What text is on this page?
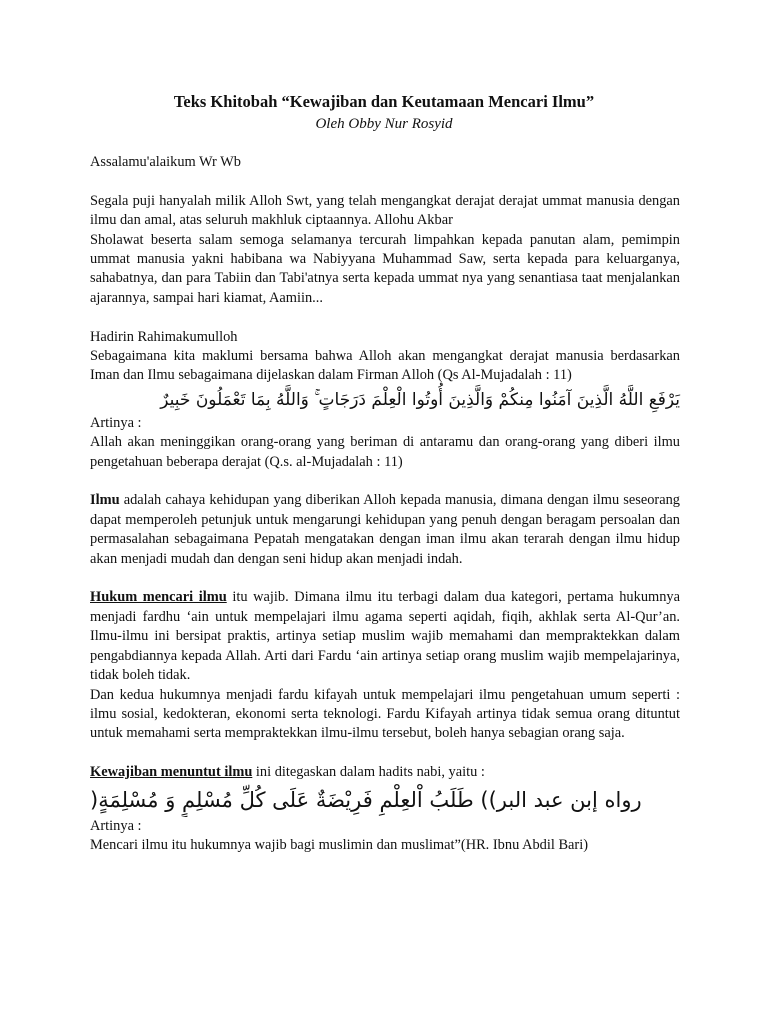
Teks Khitobah “Kewajiban dan Keutamaan Mencari Ilmu”
Oleh Obby Nur Rosyid

Assalamu'alaikum Wr Wb

Segala puji hanyalah milik Alloh Swt, yang telah mengangkat derajat derajat ummat manusia dengan ilmu dan amal, atas seluruh makhluk ciptaannya. Allohu Akbar

Sholawat beserta salam semoga selamanya tercurah limpahkan kepada panutan alam, pemimpin ummat manusia yakni habibana wa Nabiyyana Muhammad Saw, serta kepada para keluarganya, sahabatnya, dan para Tabiin dan Tabi'atnya serta kepada ummat nya yang senantiasa taat menjalankan ajarannya, sampai hari kiamat, Aamiin...

Hadirin Rahimakumulloh

Sebagaimana kita maklumi bersama bahwa Alloh akan mengangkat derajat manusia berdasarkan Iman dan Ilmu sebagaimana dijelaskan dalam Firman Alloh (Qs Al-Mujadalah : 11)

يَرْفَعِ اللَّهُ الَّذِينَ آمَنُوا مِنكُمْ وَالَّذِينَ أُوتُوا الْعِلْمَ دَرَجَاتٍ ۚ وَاللَّهُ بِمَا تَعْمَلُونَ خَبِيرٌ

Artinya :

Allah akan meninggikan orang-orang yang beriman di antaramu dan orang-orang yang diberi ilmu pengetahuan beberapa derajat (Q.s. al-Mujadalah : 11)

Ilmu adalah cahaya kehidupan yang diberikan Alloh kepada manusia, dimana dengan ilmu seseorang dapat memperoleh petunjuk untuk mengarungi kehidupan yang penuh dengan beragam persoalan dan permasalahan sebagaimana Pepatah mengatakan dengan iman ilmu akan terarah dengan ilmu hidup akan menjadi mudah dan dengan seni hidup akan menjadi indah.

Hukum mencari ilmu itu wajib. Dimana ilmu itu terbagi dalam dua kategori, pertama hukumnya menjadi fardhu ‘ain untuk mempelajari ilmu agama seperti aqidah, fiqih, akhlak serta Al-Qur’an. Ilmu-ilmu ini bersipat praktis, artinya setiap muslim wajib memahami dan mempraktekkan dalam pengabdiannya kepada Allah. Arti dari Fardu ‘ain artinya setiap orang muslim wajib mempelajarinya, tidak boleh tidak.

Dan kedua hukumnya menjadi fardu kifayah untuk mempelajari ilmu pengetahuan umum seperti : ilmu sosial, kedokteran, ekonomi serta teknologi. Fardu Kifayah artinya tidak semua orang dituntut untuk memahami serta mempraktekkan ilmu-ilmu tersebut, boleh hanya sebagian orang saja.

Kewajiban menuntut ilmu ini ditegaskan dalam hadits nabi, yaitu :

رواه إبن عبد البر)) طَلَبُ اْلعِلْمِ فَرِيْضَةٌ عَلَى كُلِّ مُسْلِمٍ وَ مُسْلِمَةٍ(

Artinya :

Mencari ilmu itu hukumnya wajib bagi muslimin dan muslimat”(HR. Ibnu Abdil Bari)
